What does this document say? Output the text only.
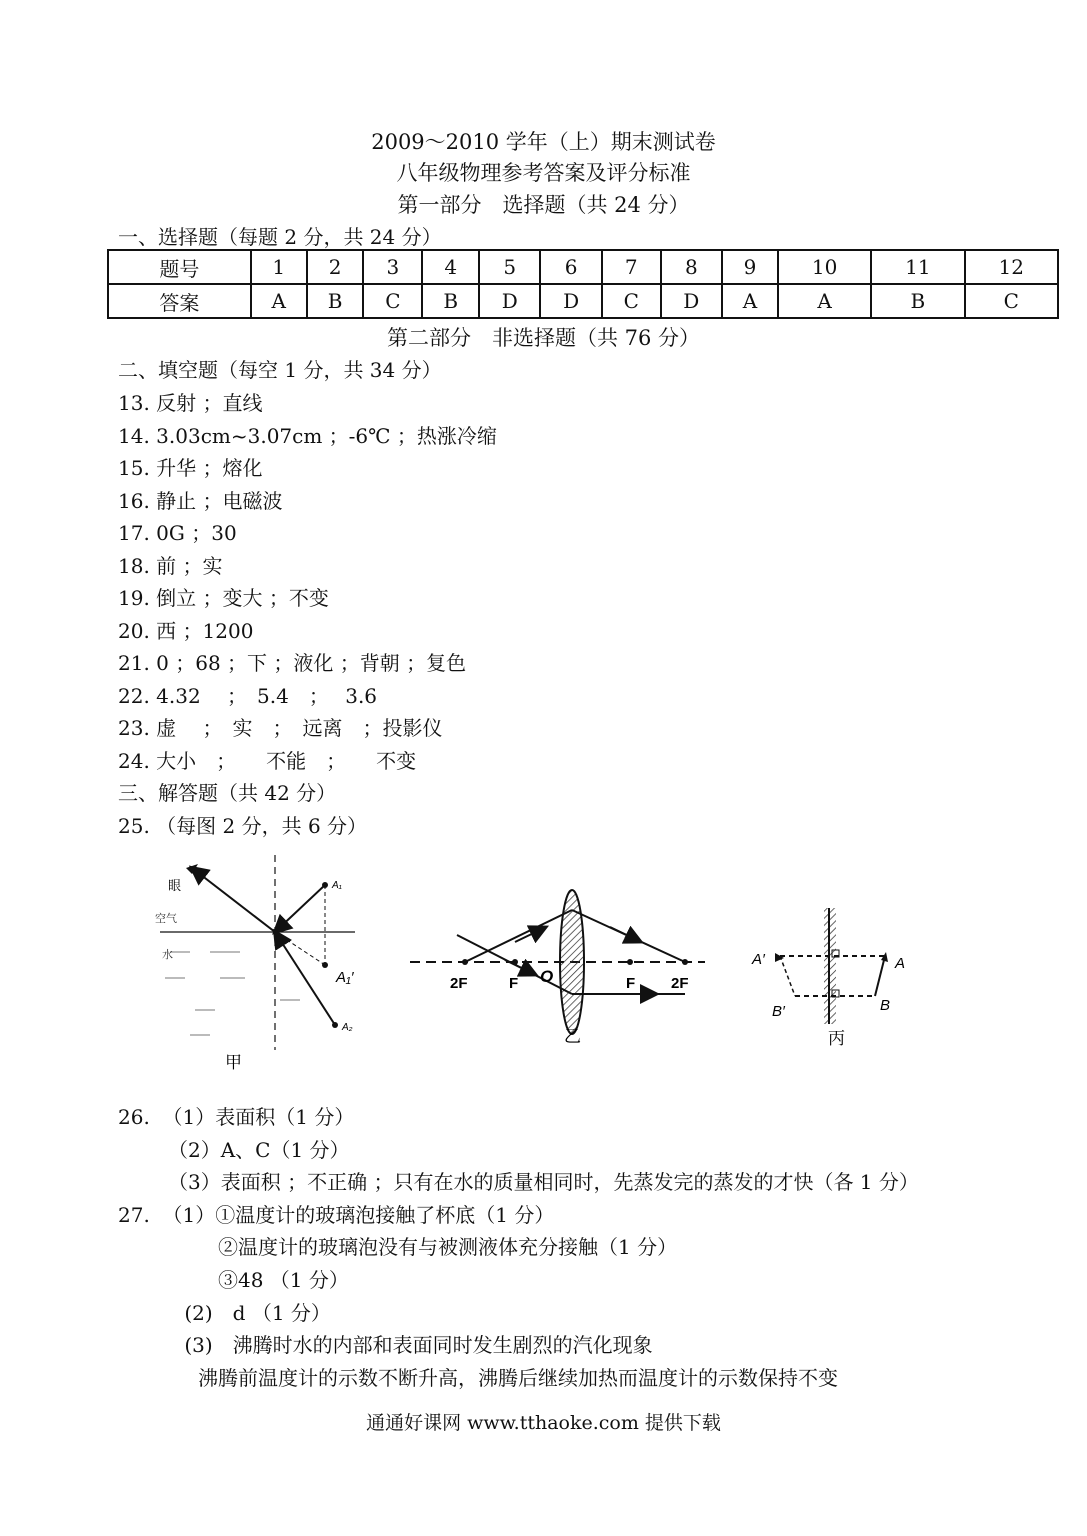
2009～2010 学年（上）期末测试卷
八年级物理参考答案及评分标准
第一部分　选择题（共 24 分）
一、选择题（每题 2 分，共 24 分）
题号	1	2	3	4	5	6	7	8	9	10	11	12
答案	A	B	C	B	D	D	C	D	A	A	B	C
第二部分　非选择题（共 76 分）
二、填空题（每空 1 分，共 34 分）
13. 反射 ；直线
14. 3.03cm~3.07cm ；-6℃ ；热涨冷缩
15. 升华 ；熔化
16. 静止 ；电磁波
17. 0G ；30
18. 前 ；实
19. 倒立 ；变大 ；不变
20. 西 ；1200
21. 0 ；68 ；下 ；液化 ；背朝 ；复色
22. 4.32　 ；　5.4　；　 3.6
23. 虚　 ；　实　；　远离　；投影仪
24. 大小　；　　不能　；　　不变
三、解答题（共 42 分）
25. （每图 2 分，共 6 分）
眼
空气
水
A₁
A₁′
A₂
甲
2F	F O	F 2F
乙
A′	A
B′	B
丙
26.  （1）表面积（1 分）
　　　（2）A、C（1 分）
　　　（3）表面积 ；不正确 ；只有在水的质量相同时，先蒸发完的蒸发的才快（各 1 分）
27.  （1）①温度计的玻璃泡接触了杯底（1 分）
　　　　　②温度计的玻璃泡没有与被测液体充分接触（1 分）
　　　　　③48 （1 分）
　　　 (2)　d （1 分）
　　　 (3)　沸腾时水的内部和表面同时发生剧烈的汽化现象
　　　　沸腾前温度计的示数不断升高，沸腾后继续加热而温度计的示数保持不变
通通好课网 www.tthaoke.com 提供下载
